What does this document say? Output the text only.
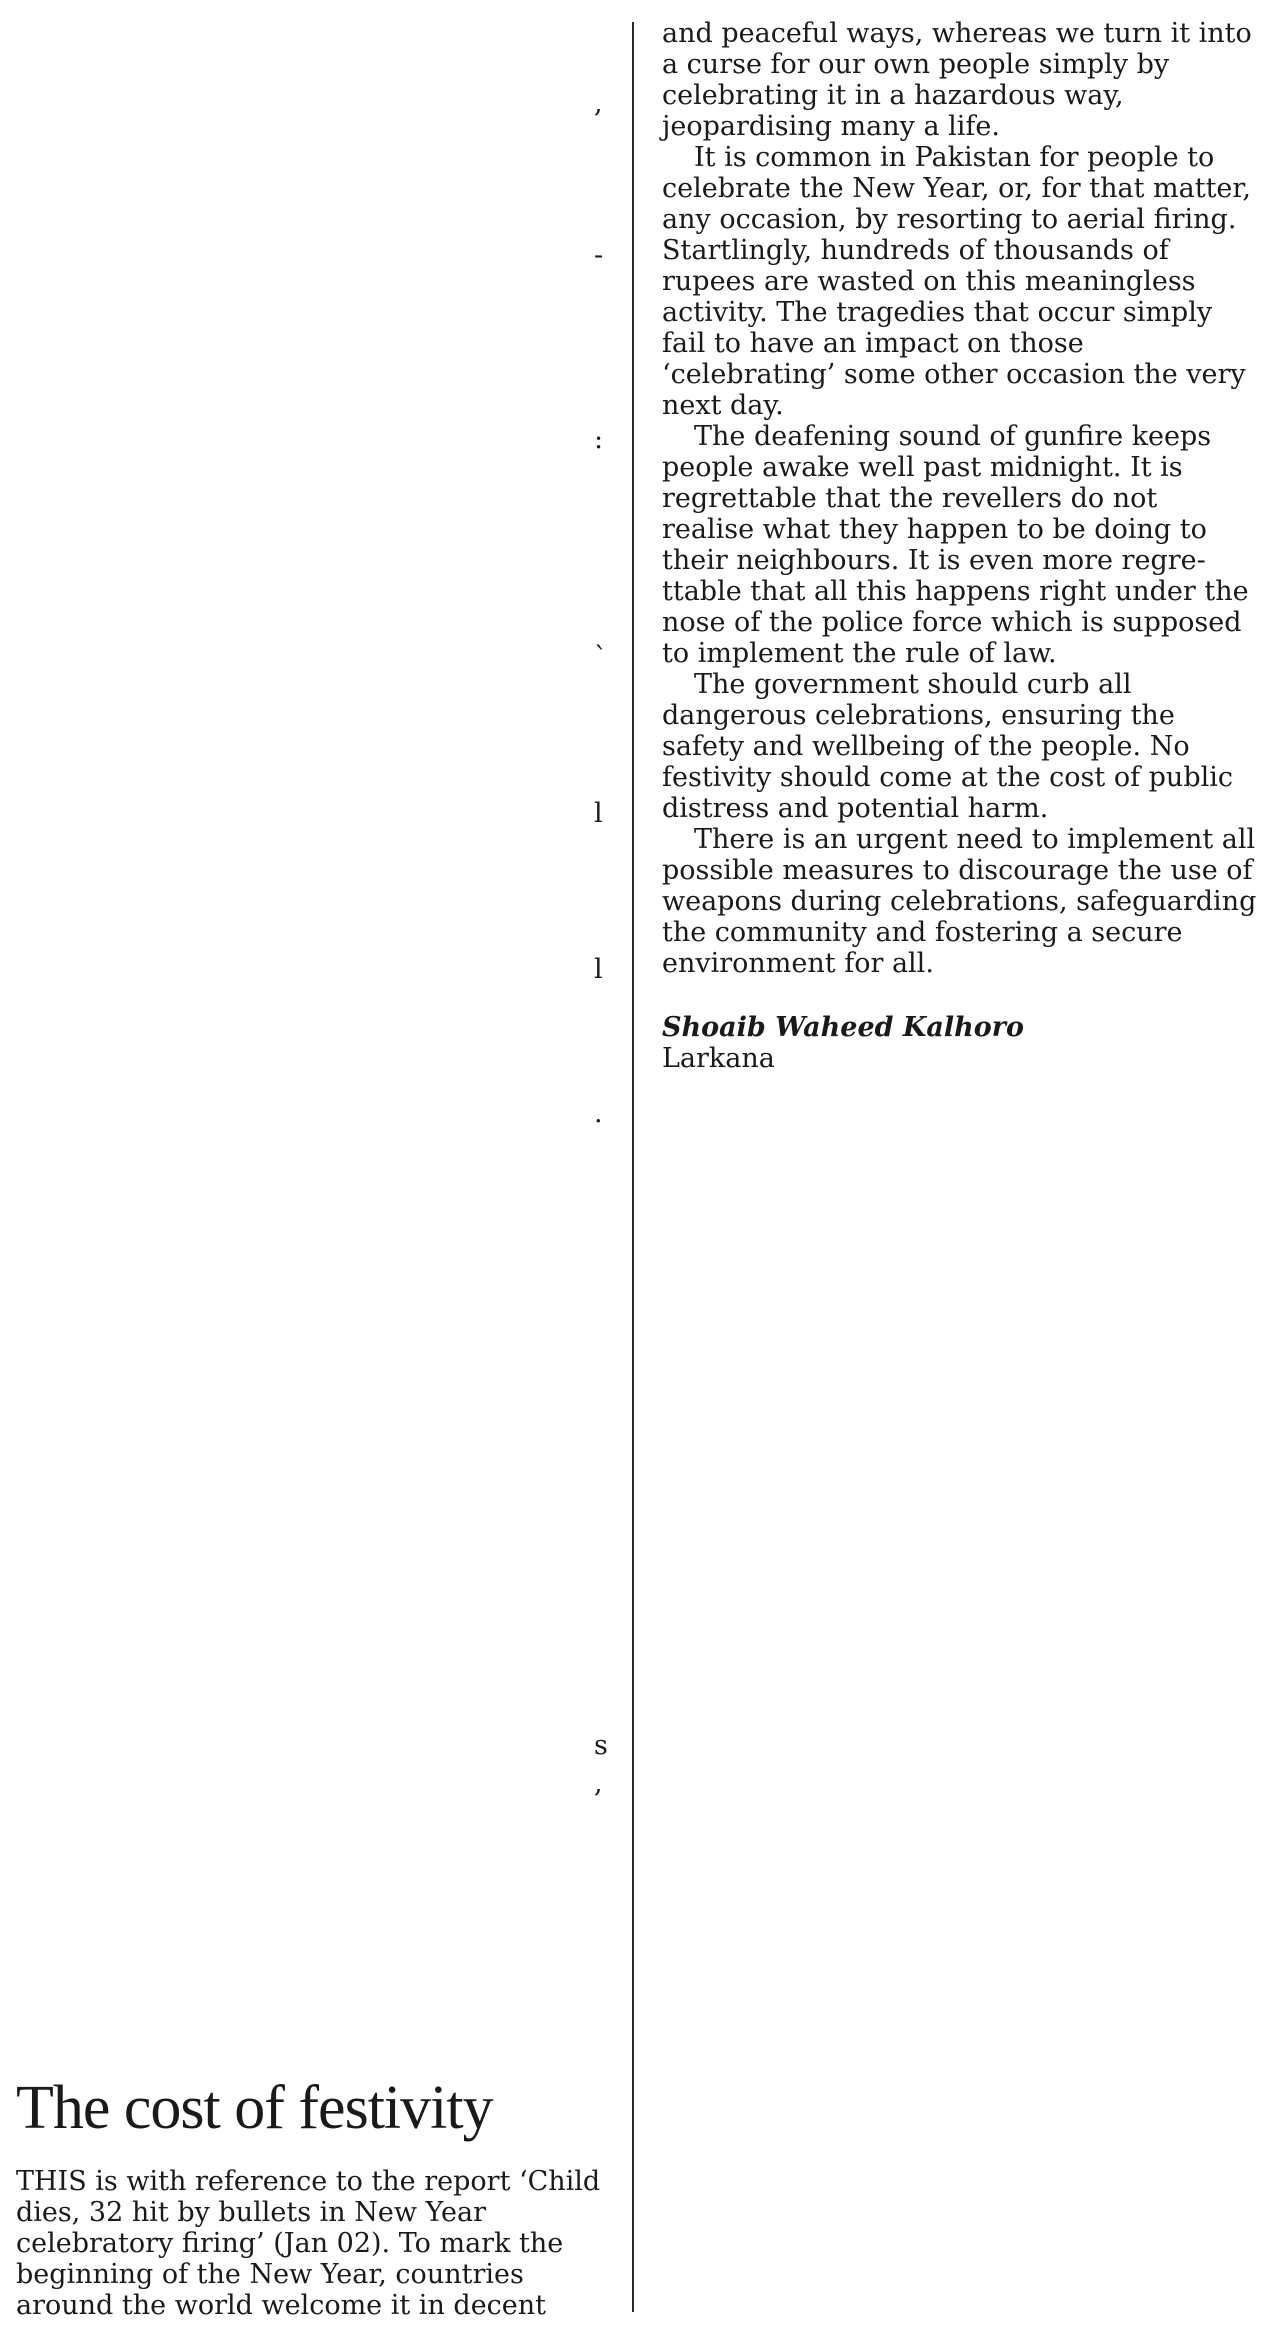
,
-
:
`
l
l
·
s
,

and peaceful ways, whereas we turn it into a curse for our own people simply by celebrating it in a hazardous way, jeopardising many a life.

It is common in Pakistan for people to celebrate the New Year, or, for that matter, any occasion, by resorting to aerial firing. Startlingly, hundreds of thousands of rupees are wasted on this meaningless activity. The tragedies that occur simply fail to have an impact on those ‘celebrating’ some other occasion the very next day.

The deafening sound of gunfire keeps people awake well past midnight. It is regrettable that the revellers do not realise what they happen to be doing to their neighbours. It is even more regre-ttable that all this happens right under the nose of the police force which is supposed to implement the rule of law.

The government should curb all dangerous celebrations, ensuring the safety and wellbeing of the people. No festivity should come at the cost of public distress and potential harm.

There is an urgent need to implement all possible measures to discourage the use of weapons during celebrations, safeguarding the community and fostering a secure environment for all.

Shoaib Waheed Kalhoro
Larkana
The cost of festivity

THIS is with reference to the report ‘Child dies, 32 hit by bullets in New Year celebratory firing’ (Jan 02). To mark the beginning of the New Year, countries around the world welcome it in decent
